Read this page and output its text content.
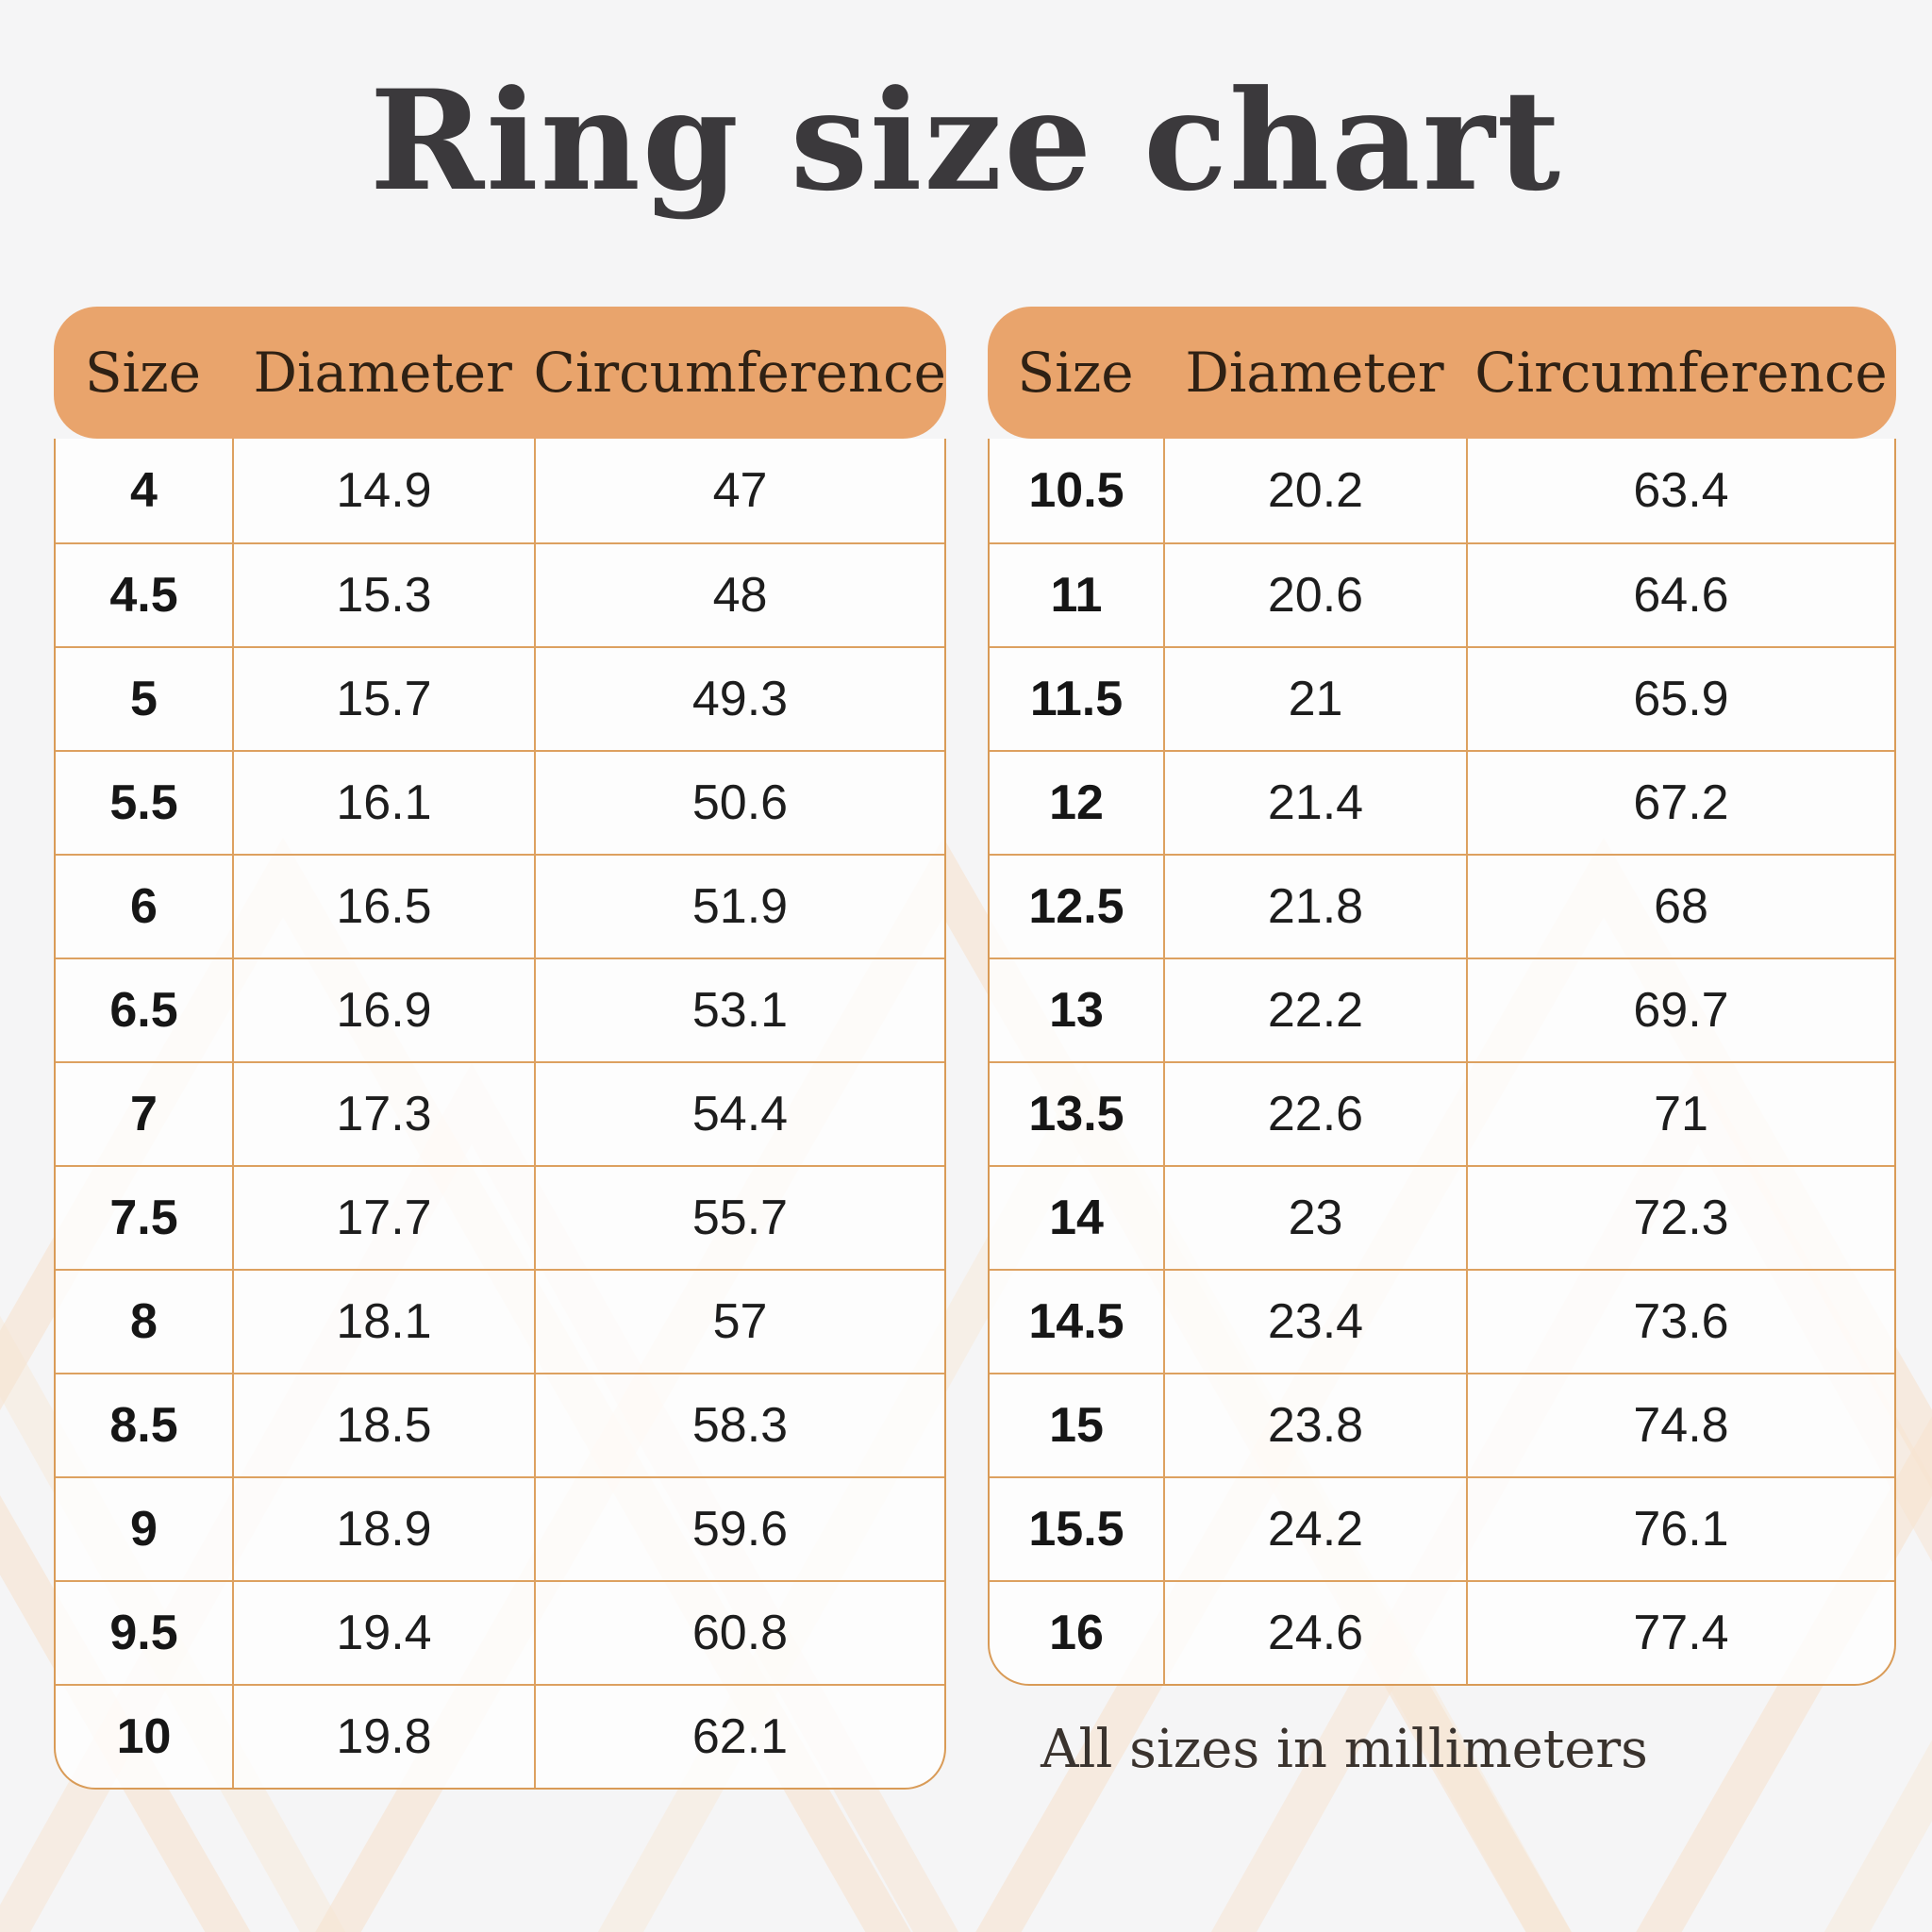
Ring size chart
Size Diameter Circumference
4	14.9	47
4.5	15.3	48
5	15.7	49.3
5.5	16.1	50.6
6	16.5	51.9
6.5	16.9	53.1
7	17.3	54.4
7.5	17.7	55.7
8	18.1	57
8.5	18.5	58.3
9	18.9	59.6
9.5	19.4	60.8
10	19.8	62.1
Size Diameter Circumference
10.5	20.2	63.4
11	20.6	64.6
11.5	21	65.9
12	21.4	67.2
12.5	21.8	68
13	22.2	69.7
13.5	22.6	71
14	23	72.3
14.5	23.4	73.6
15	23.8	74.8
15.5	24.2	76.1
16	24.6	77.4
All sizes in millimeters
